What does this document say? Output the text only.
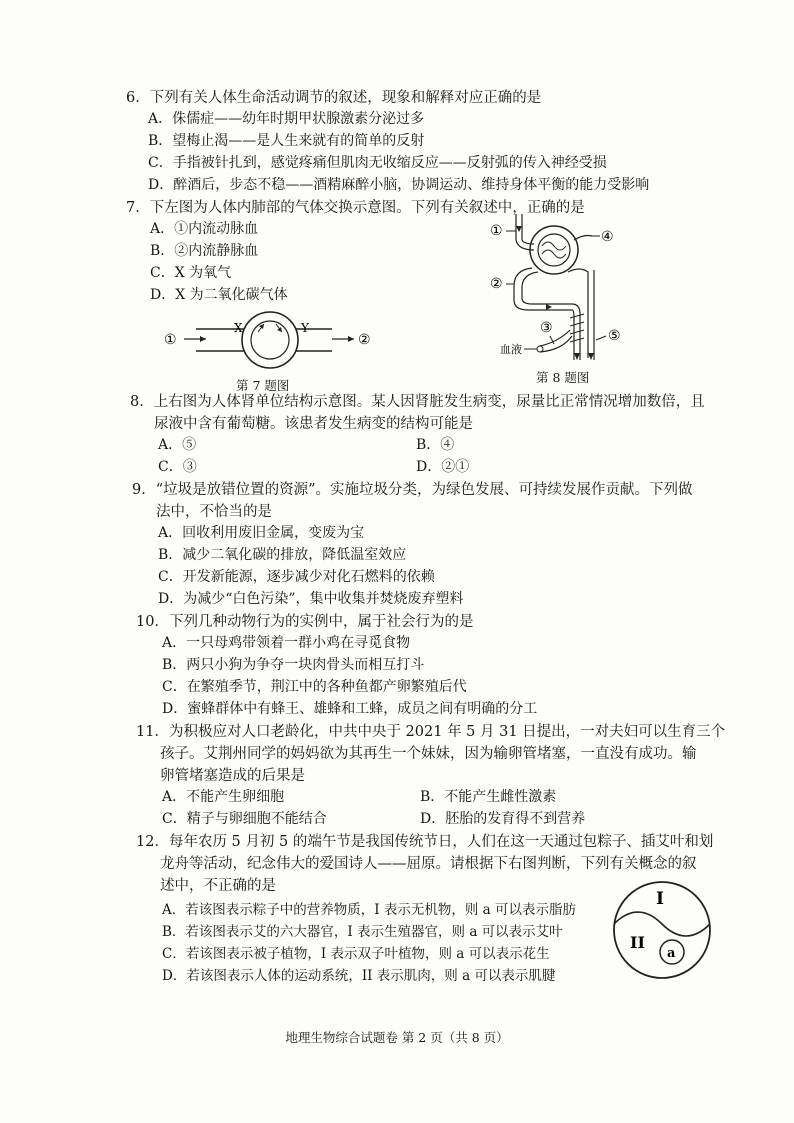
6．下列有关人体生命活动调节的叙述，现象和解释对应正确的是
A．侏儒症——幼年时期甲状腺激素分泌过多
B．望梅止渴——是人生来就有的简单的反射
C．手指被针扎到，感觉疼痛但肌肉无收缩反应——反射弧的传入神经受损
D．醉酒后，步态不稳——酒精麻醉小脑，协调运动、维持身体平衡的能力受影响
7．下左图为人体内肺部的气体交换示意图。下列有关叙述中，正确的是
A．①内流动脉血
B．②内流静脉血
C．X 为氧气
D．X 为二氧化碳气体
①
X	Y
②
第 7 题图
①	④
②
⑤
③
血液
第 8 题图
8．上右图为人体肾单位结构示意图。某人因肾脏发生病变，尿量比正常情况增加数倍，且
尿液中含有葡萄糖。该患者发生病变的结构可能是
A．⑤	B．④
C．③	D．②①
9．“垃圾是放错位置的资源”。实施垃圾分类，为绿色发展、可持续发展作贡献。下列做
法中，不恰当的是
A．回收利用废旧金属，变废为宝
B．减少二氧化碳的排放，降低温室效应
C．开发新能源，逐步减少对化石燃料的依赖
D．为减少“白色污染”，集中收集并焚烧废弃塑料
10．下列几种动物行为的实例中，属于社会行为的是
A．一只母鸡带领着一群小鸡在寻觅食物
B．两只小狗为争夺一块肉骨头而相互打斗
C．在繁殖季节，荆江中的各种鱼都产卵繁殖后代
D．蜜蜂群体中有蜂王、雄蜂和工蜂，成员之间有明确的分工
11．为积极应对人口老龄化，中共中央于 2021 年 5 月 31 日提出，一对夫妇可以生育三个
孩子。艾荆州同学的妈妈欲为其再生一个妹妹，因为输卵管堵塞，一直没有成功。输
卵管堵塞造成的后果是
A．不能产生卵细胞	B．不能产生雌性激素
C．精子与卵细胞不能结合	D．胚胎的发育得不到营养
12．每年农历 5 月初 5 的端午节是我国传统节日，人们在这一天通过包粽子、插艾叶和划
龙舟等活动，纪念伟大的爱国诗人——屈原。请根据下右图判断，下列有关概念的叙
述中，不正确的是
A．若该图表示粽子中的营养物质，I 表示无机物，则 a 可以表示脂肪
B．若该图表示艾的六大器官，I 表示生殖器官，则 a 可以表示艾叶
C．若该图表示被子植物，I 表示双子叶植物，则 a 可以表示花生
D．若该图表示人体的运动系统，II 表示肌肉，则 a 可以表示肌腱
I
II
a
地理生物综合试题卷 第 2 页（共 8 页）
